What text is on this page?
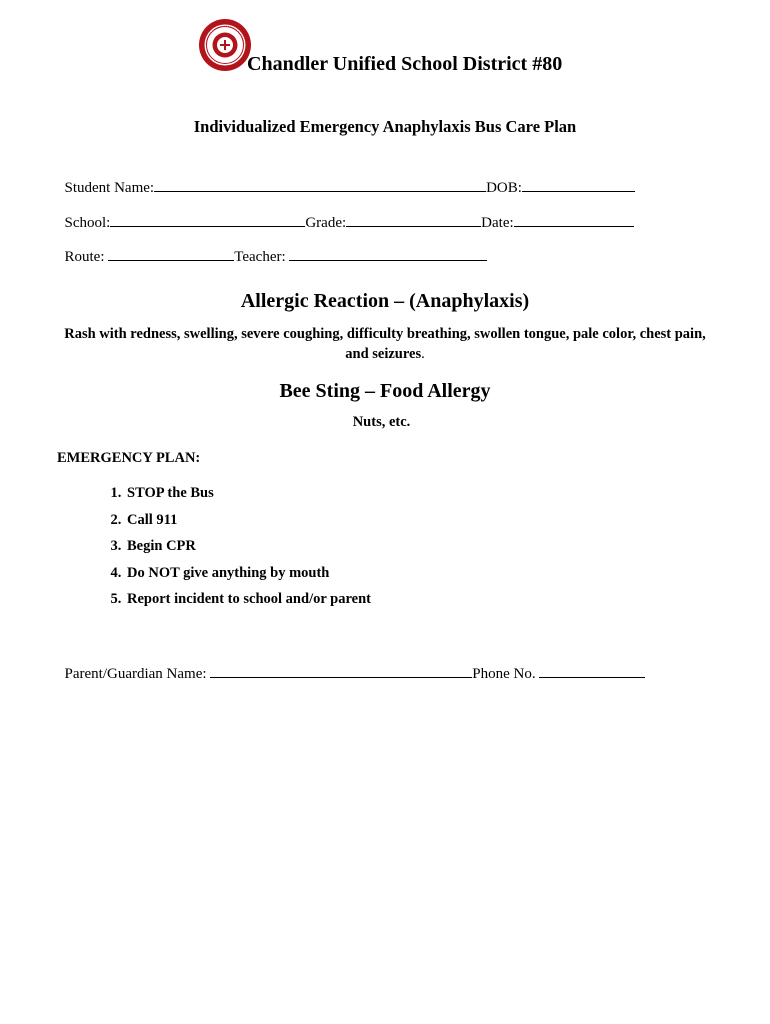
Chandler Unified School District #80
Individualized Emergency Anaphylaxis Bus Care Plan

Student Name:	DOB:

School:	Grade:	Date:

Route:	Teacher:

Allergic Reaction – (Anaphylaxis)
Rash with redness, swelling, severe coughing, difficulty breathing, swollen tongue, pale color, chest pain, and seizures.
Bee Sting – Food Allergy
Nuts, etc.
EMERGENCY PLAN:
1. STOP the Bus
2. Call 911
3. Begin CPR
4. Do NOT give anything by mouth
5. Report incident to school and/or parent

Parent/Guardian Name:	Phone No.
